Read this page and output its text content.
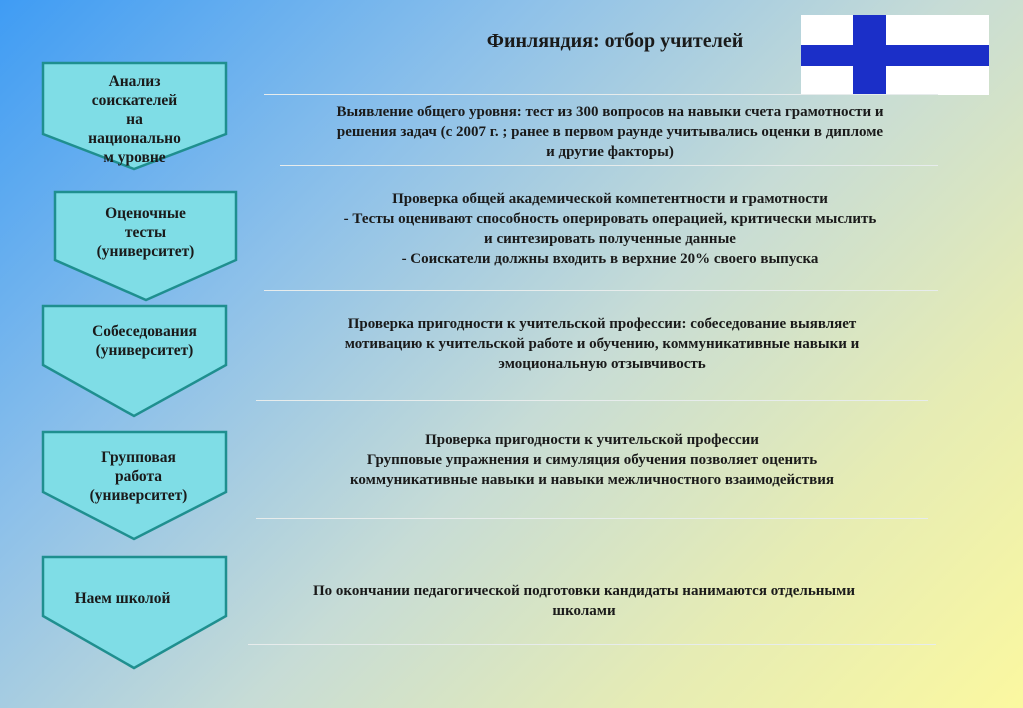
Финляндия: отбор учителей
Анализ
соискателей
на
национально
м уровне
Выявление общего уровня: тест из 300 вопросов на навыки счета грамотности и
решения задач (с 2007 г. ; ранее в первом раунде учитывались оценки в дипломе
и другие факторы)
Оценочные
тесты
(университет)
Проверка общей академической компетентности и грамотности
- Тесты оценивают способность оперировать операцией, критически мыслить
и синтезировать полученные данные
- Соискатели должны входить в верхние 20% своего выпуска
Собеседования
(университет)
Проверка пригодности к учительской профессии: собеседование выявляет
мотивацию к учительской работе и обучению, коммуникативные навыки и
эмоциональную отзывчивость
Групповая
работа
(университет)
Проверка пригодности к учительской профессии
Групповые упражнения и симуляция обучения позволяет оценить
коммуникативные навыки и навыки межличностного взаимодействия
Наем школой	По окончании педагогической подготовки кандидаты нанимаются отдельными
школами
